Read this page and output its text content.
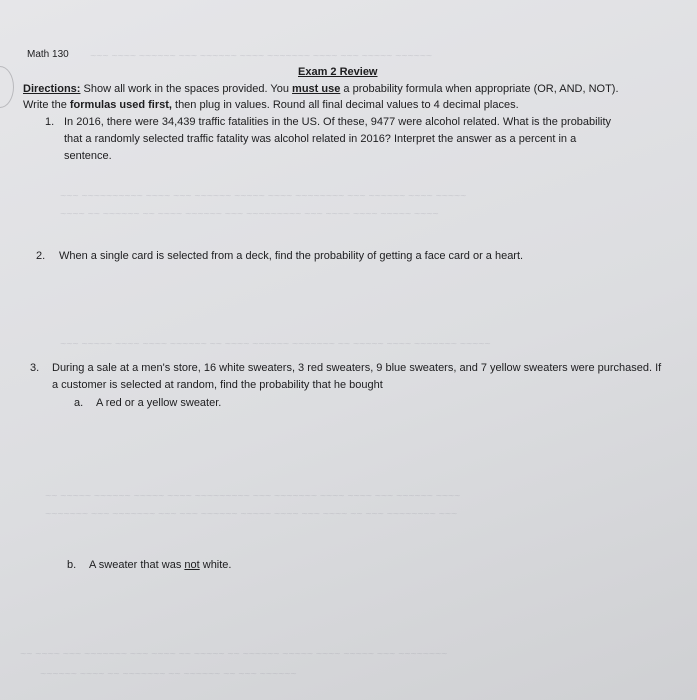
~~~ ~~~~ ~~~~~~ ~~~ ~~~~~~ ~~~~ ~~~~~~~ ~~~~ ~~~ ~~~~~ ~~~~~~
~~~ ~~~~~~~~~~ ~~~~ ~~~ ~~~~~~ ~~~~~ ~~~~ ~~~~~~~~ ~~~ ~~~~~~ ~~~~ ~~~~~
~~~~ ~~ ~~~~~~ ~~ ~~~~ ~~~~~~ ~~~ ~~~~~~~~~ ~~~ ~~~~ ~~~~ ~~~~~ ~~~~
~~~ ~~~~~ ~~~~ ~~~~ ~~~~~~ ~~ ~~~~ ~~~~~~ ~~~~~~~ ~~ ~~~~~ ~~~~ ~~~~~~~ ~~~~~
~~ ~~~~~ ~~~~~~ ~~~~~ ~~~~ ~~~~~~~~~ ~~~ ~~~~~~~ ~~~~ ~~~~ ~~~ ~~~~~~ ~~~~
~~~~~~~ ~~~ ~~~~~~~ ~~~ ~~~ ~~~~~~ ~~~~~ ~~~~ ~~~ ~~~~ ~~ ~~~ ~~~~~~~~ ~~~
~~ ~~~~ ~~~ ~~~~~~~ ~~~ ~~~~ ~~ ~~~~~ ~~ ~~~~~~ ~~~~~ ~~~~ ~~~~~ ~~~ ~~~~~~~~
~~~~~~ ~~~~ ~~ ~~~~~~~ ~~ ~~~~~~ ~~ ~~~ ~~~~~~
Math 130
Exam 2 Review
Directions: Show all work in the spaces provided. You must use a probability formula when appropriate (OR, AND, NOT). Write the formulas used first, then plug in values. Round all final decimal values to 4 decimal places.
1. In 2016, there were 34,439 traffic fatalities in the US. Of these, 9477 were alcohol related. What is the probability that a randomly selected traffic fatality was alcohol related in 2016? Interpret the answer as a percent in a sentence.
2.	When a single card is selected from a deck, find the probability of getting a face card or a heart.
3.	During a sale at a men's store, 16 white sweaters, 3 red sweaters, 9 blue sweaters, and 7 yellow sweaters were purchased. If a customer is selected at random, find the probability that he bought
a.	A red or a yellow sweater.
b.	A sweater that was not white.
